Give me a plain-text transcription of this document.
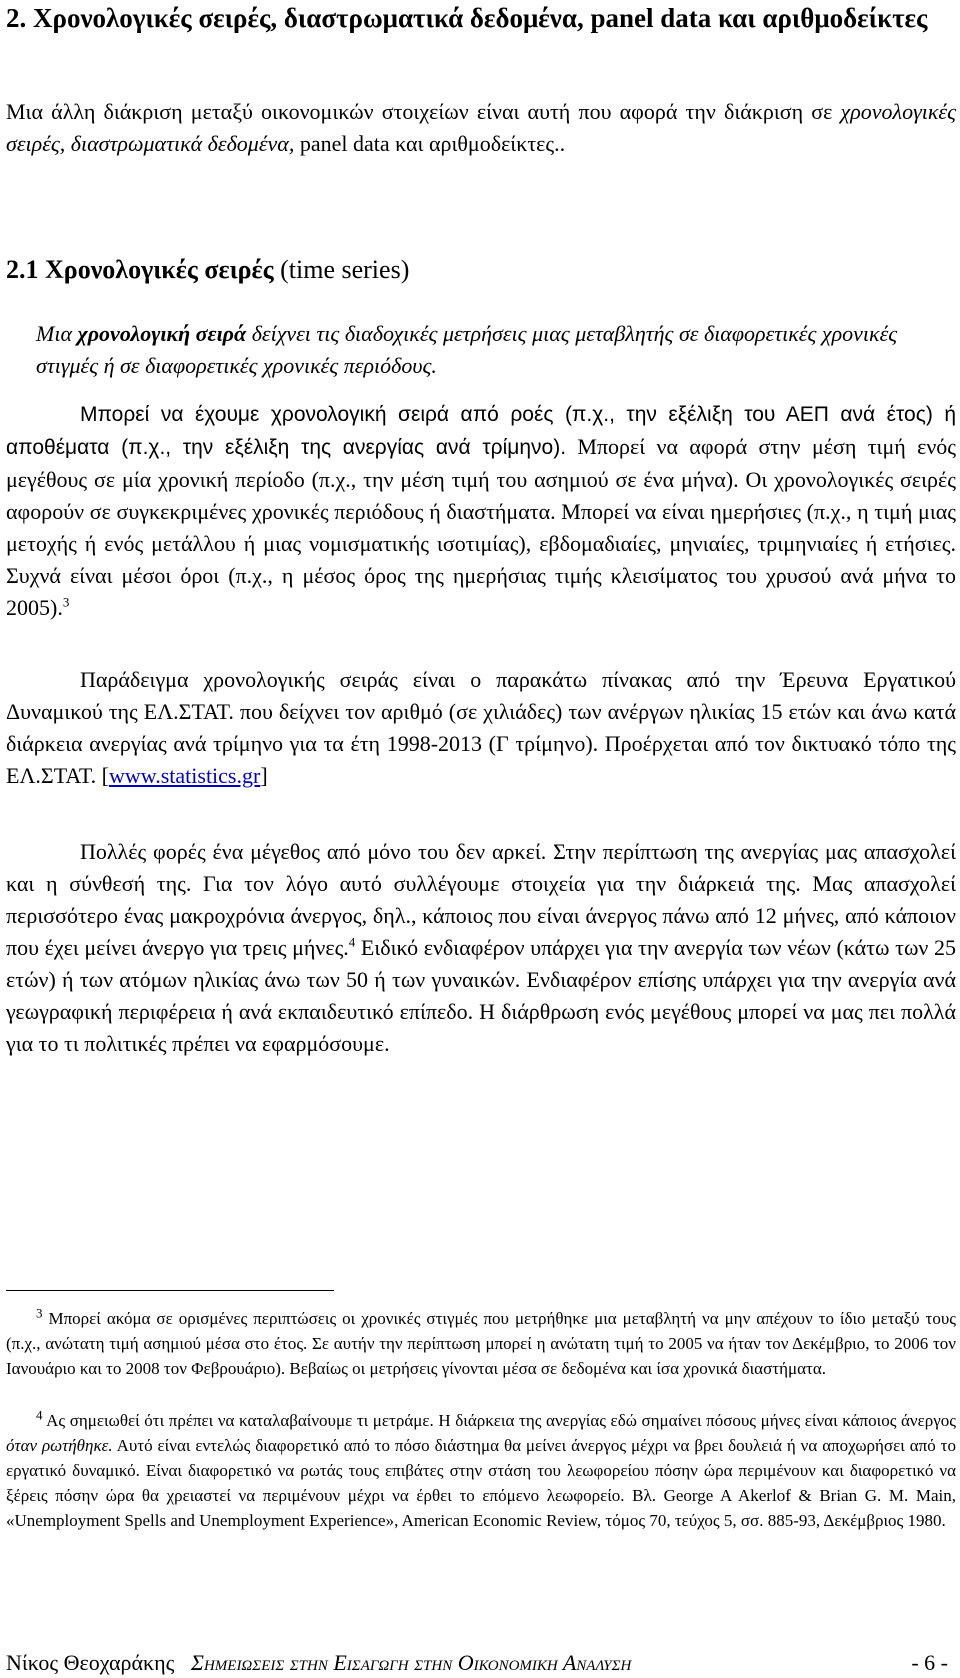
2. Χρονολογικές σειρές, διαστρωματικά δεδομένα, panel data και αριθμοδείκτες
Μια άλλη διάκριση μεταξύ οικονομικών στοιχείων είναι αυτή που αφορά την διάκριση σε χρονολογικές σειρές, διαστρωματικά δεδομένα, panel data και αριθμοδείκτες..
2.1 Χρονολογικές σειρές (time series)
Μια χρονολογική σειρά δείχνει τις διαδοχικές μετρήσεις μιας μεταβλητής σε διαφορετικές χρονικές στιγμές ή σε διαφορετικές χρονικές περιόδους.
Μπορεί να έχουμε χρονολογική σειρά από ροές (π.χ., την εξέλιξη του ΑΕΠ ανά έτος) ή αποθέματα (π.χ., την εξέλιξη της ανεργίας ανά τρίμηνο). Μπορεί να αφορά στην μέση τιμή ενός μεγέθους σε μία χρονική περίοδο (π.χ., την μέση τιμή του ασημιού σε ένα μήνα). Οι χρονολογικές σειρές αφορούν σε συγκεκριμένες χρονικές περιόδους ή διαστήματα. Μπορεί να είναι ημερήσιες (π.χ., η τιμή μιας μετοχής ή ενός μετάλλου ή μιας νομισματικής ισοτιμίας), εβδομαδιαίες, μηνιαίες, τριμηνιαίες ή ετήσιες. Συχνά είναι μέσοι όροι (π.χ., η μέσος όρος της ημερήσιας τιμής κλεισίματος του χρυσού ανά μήνα το 2005).$^3$
Παράδειγμα χρονολογικής σειράς είναι ο παρακάτω πίνακας από την Έρευνα Εργατικού Δυναμικού της ΕΛ.ΣΤΑΤ. που δείχνει τον αριθμό (σε χιλιάδες) των ανέργων ηλικίας 15 ετών και άνω κατά διάρκεια ανεργίας ανά τρίμηνο για τα έτη 1998-2013 (Γ τρίμηνο). Προέρχεται από τον δικτυακό τόπο της ΕΛ.ΣΤΑΤ. [www.statistics.gr]
Πολλές φορές ένα μέγεθος από μόνο του δεν αρκεί. Στην περίπτωση της ανεργίας μας απασχολεί και η σύνθεσή της. Για τον λόγο αυτό συλλέγουμε στοιχεία για την διάρκειά της. Μας απασχολεί περισσότερο ένας μακροχρόνια άνεργος, δηλ., κάποιος που είναι άνεργος πάνω από 12 μήνες, από κάποιον που έχει μείνει άνεργο για τρεις μήνες.$^4$ Ειδικό ενδιαφέρον υπάρχει για την ανεργία των νέων (κάτω των 25 ετών) ή των ατόμων ηλικίας άνω των 50 ή των γυναικών. Ενδιαφέρον επίσης υπάρχει για την ανεργία ανά γεωγραφική περιφέρεια ή ανά εκπαιδευτικό επίπεδο. Η διάρθρωση ενός μεγέθους μπορεί να μας πει πολλά για το τι πολιτικές πρέπει να εφαρμόσουμε.
$^3$ Μπορεί ακόμα σε ορισμένες περιπτώσεις οι χρονικές στιγμές που μετρήθηκε μια μεταβλητή να μην απέχουν το ίδιο μεταξύ τους (π.χ., ανώτατη τιμή ασημιού μέσα στο έτος. Σε αυτήν την περίπτωση μπορεί η ανώτατη τιμή το 2005 να ήταν τον Δεκέμβριο, το 2006 τον Ιανουάριο και το 2008 τον Φεβρουάριο). Βεβαίως οι μετρήσεις γίνονται μέσα σε δεδομένα και ίσα χρονικά διαστήματα.
$^4$ Ας σημειωθεί ότι πρέπει να καταλαβαίνουμε τι μετράμε. Η διάρκεια της ανεργίας εδώ σημαίνει πόσους μήνες είναι κάποιος άνεργος όταν ρωτήθηκε. Αυτό είναι εντελώς διαφορετικό από το πόσο διάστημα θα μείνει άνεργος μέχρι να βρει δουλειά ή να αποχωρήσει από το εργατικό δυναμικό. Είναι διαφορετικό να ρωτάς τους επιβάτες στην στάση του λεωφορείου πόσην ώρα περιμένουν και διαφορετικό να ξέρεις πόσην ώρα θα χρειαστεί να περιμένουν μέχρι να έρθει το επόμενο λεωφορείο. Βλ. George A Akerlof & Brian G. M. Main, «Unemployment Spells and Unemployment Experience», American Economic Review, τόμος 70, τεύχος 5, σσ. 885-93, Δεκέμβριος 1980.
Νίκος Θεοχαράκης Σημειωσεισ στην Εισαγωγη στην Οικονομικη Αναλυση	- 6 -
